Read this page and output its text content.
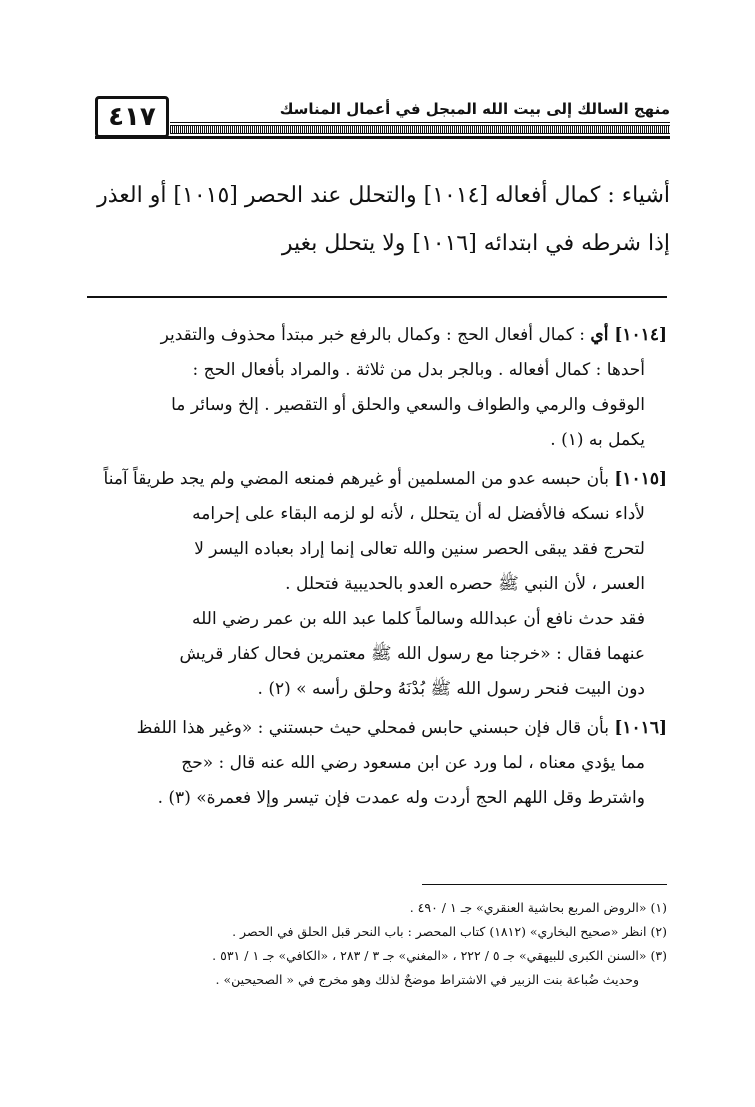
٤١٧	منهج السالك إلى بيت الله المبجل في أعمال المناسك
أشياء : كمال أفعاله [١٠١٤] والتحلل عند الحصر [١٠١٥] أو العذر
إذا شرطه في ابتدائه [١٠١٦] ولا يتحلل بغير
[١٠١٤] أي : كمال أفعال الحج : وكمال بالرفع خبر مبتدأ محذوف والتقدير
أحدها : كمال أفعاله . وبالجر بدل من ثلاثة . والمراد بأفعال الحج :
الوقوف والرمي والطواف والسعي والحلق أو التقصير . إلخ وسائر ما
يكمل به (١) .
[١٠١٥] بأن حبسه عدو من المسلمين أو غيرهم فمنعه المضي ولم يجد طريقاً آمناً
لأداء نسكه فالأفضل له أن يتحلل ، لأنه لو لزمه البقاء على إحرامه
لتحرج فقد يبقى الحصر سنين والله تعالى إنما إراد بعباده اليسر لا
العسر ، لأن النبي ﷺ حصره العدو بالحديبية فتحلل .
فقد حدث نافع أن عبدالله وسالماً كلما عبد الله بن عمر رضي الله
عنهما فقال : «خرجنا مع رسول الله ﷺ معتمرين فحال كفار قريش
دون البيت فنحر رسول الله ﷺ بُدْنَهُ وحلق رأسه » (٢) .
[١٠١٦] بأن قال فإن حبسني حابس فمحلي حيث حبستني : «وغير هذا اللفظ
مما يؤدي معناه ، لما ورد عن ابن مسعود رضي الله عنه قال : «حج
واشترط وقل اللهم الحج أردت وله عمدت فإن تيسر وإلا فعمرة» (٣) .
(١) «الروض المربع بحاشية العنقري» جـ ١ / ٤٩٠ .
(٢) انظر «صحيح البخاري» (١٨١٢) كتاب المحصر : باب النحر قبل الحلق في الحصر .
(٣) «السنن الكبرى للبيهقي» جـ ٥ / ٢٢٢ ، «المغني» جـ ٣ / ٢٨٣ ، «الكافي» جـ ١ / ٥٣١ .
وحديث ضُباعة بنت الزبير في الاشتراط موضحٌ لذلك وهو مخرج في « الصحيحين» .
